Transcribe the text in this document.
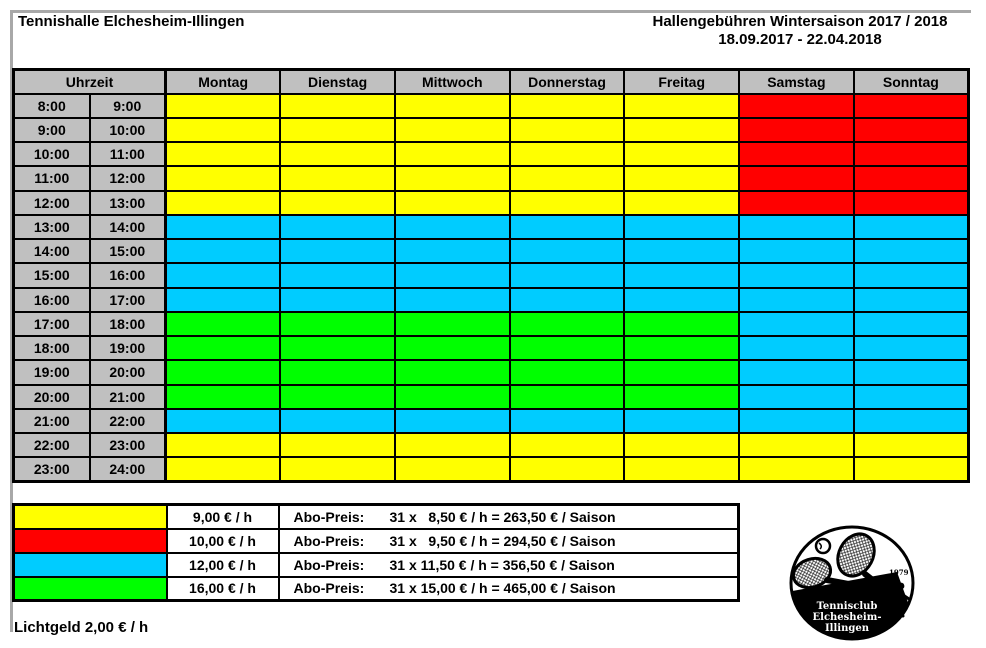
Tennishalle Elchesheim-Illingen	Hallengebühren Wintersaison 2017 / 2018
18.09.2017 - 22.04.2018
Uhrzeit		Montag	Dienstag	Mittwoch	Donnerstag	Freitag	Samstag	Sonntag
8:00	9:00							
9:00	10:00							
10:00	11:00							
11:00	12:00							
12:00	13:00							
13:00	14:00							
14:00	15:00							
15:00	16:00							
16:00	17:00							
17:00	18:00							
18:00	19:00							
19:00	20:00							
20:00	21:00							
21:00	22:00							
22:00	23:00							
23:00	24:00							
	9,00 € / h	Abo-Preis: 31 x   8,50 € / h = 263,50 € / Saison

	10,00 € / h	Abo-Preis: 31 x   9,50 € / h = 294,50 € / Saison

	12,00 € / h	Abo-Preis: 31 x 11,50 € / h = 356,50 € / Saison

	16,00 € / h	Abo-Preis: 31 x 15,00 € / h = 465,00 € / Saison
Lichtgeld 2,00 € / h
1979
Tennisclub
Elchesheim-
Illingen
